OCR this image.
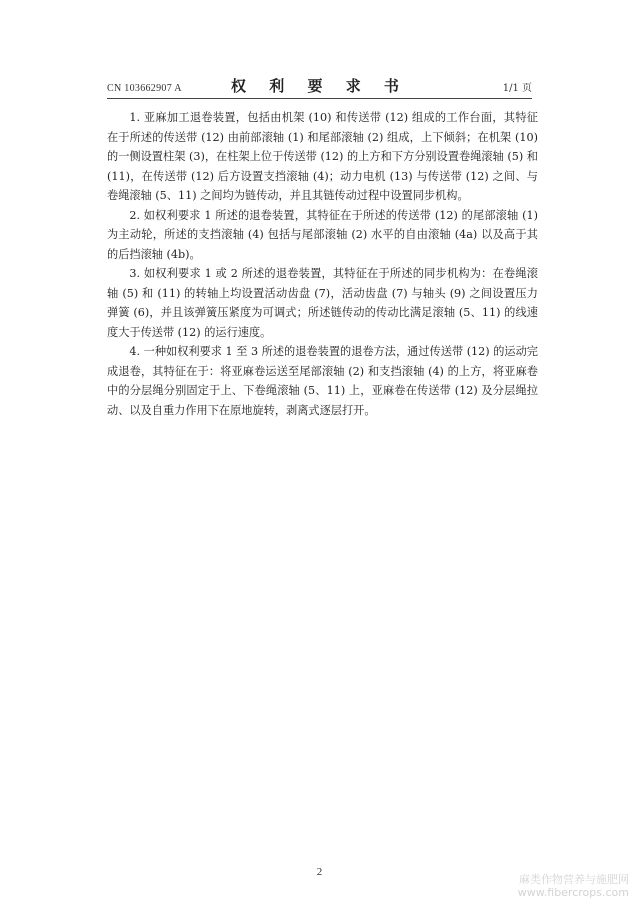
CN 103662907 A	权 利 要 求 书	1/1 页

1. 亚麻加工退卷装置，包括由机架 (10) 和传送带 (12) 组成的工作台面，其特征在于所述的传送带 (12) 由前部滚轴 (1) 和尾部滚轴 (2) 组成，上下倾斜；在机架 (10) 的一侧设置柱架 (3)，在柱架上位于传送带 (12) 的上方和下方分别设置卷绳滚轴 (5) 和 (11)，在传送带 (12) 后方设置支挡滚轴 (4)；动力电机 (13) 与传送带 (12) 之间、与卷绳滚轴 (5、11) 之间均为链传动，并且其链传动过程中设置同步机构。

2. 如权利要求 1 所述的退卷装置，其特征在于所述的传送带 (12) 的尾部滚轴 (1) 为主动轮，所述的支挡滚轴 (4) 包括与尾部滚轴 (2) 水平的自由滚轴 (4a) 以及高于其的后挡滚轴 (4b)。

3. 如权利要求 1 或 2 所述的退卷装置，其特征在于所述的同步机构为：在卷绳滚轴 (5) 和 (11) 的转轴上均设置活动齿盘 (7)，活动齿盘 (7) 与轴头 (9) 之间设置压力弹簧 (6)，并且该弹簧压紧度为可调式；所述链传动的传动比满足滚轴 (5、11) 的线速度大于传送带 (12) 的运行速度。

4. 一种如权利要求 1 至 3 所述的退卷装置的退卷方法，通过传送带 (12) 的运动完成退卷，其特征在于：将亚麻卷运送至尾部滚轴 (2) 和支挡滚轴 (4) 的上方，将亚麻卷中的分层绳分别固定于上、下卷绳滚轴 (5、11) 上，亚麻卷在传送带 (12) 及分层绳拉动、以及自重力作用下在原地旋转，剥离式逐层打开。

2
麻类作物营养与施肥网
www.fibercrops.com
